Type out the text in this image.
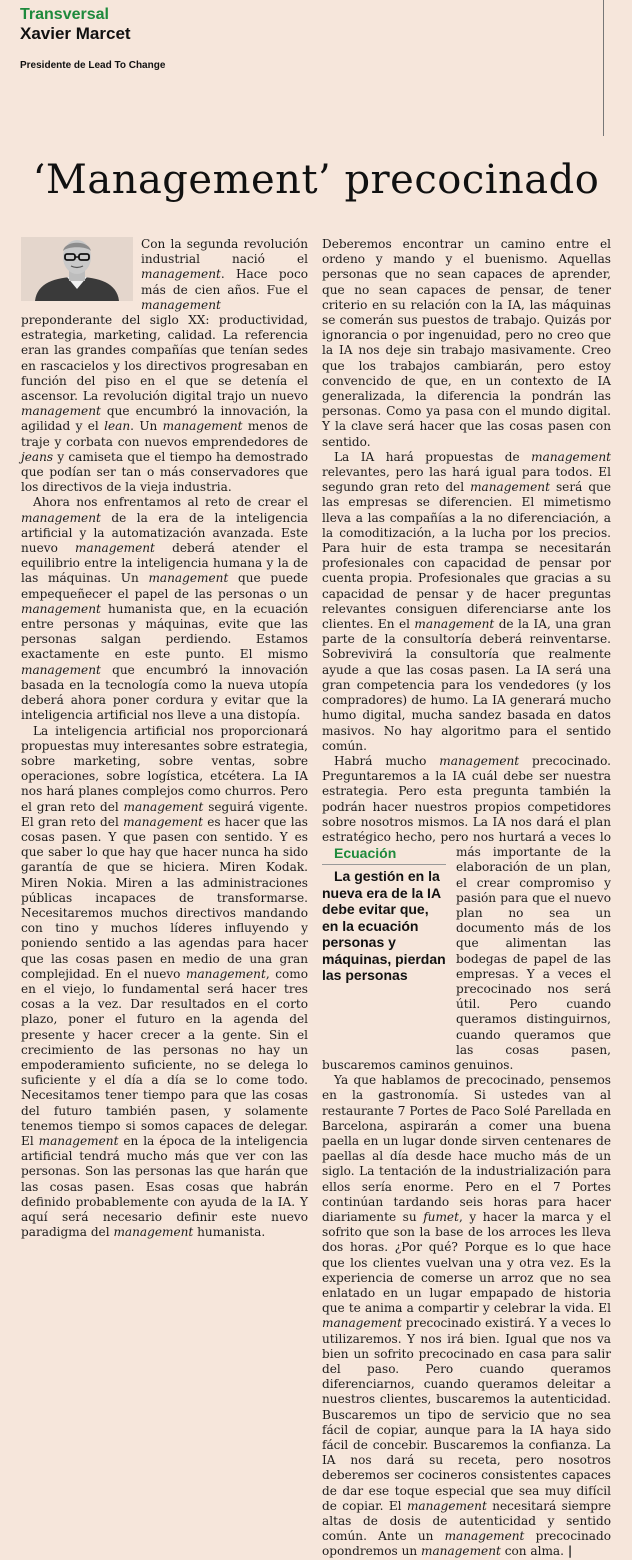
Transversal
Xavier Marcet
Presidente de Lead To Change
‘Management’ precocinado

Con la segunda revolución industrial nació el management. Hace poco más de cien años. Fue el management preponderante del siglo XX: productividad, estrategia, marketing, calidad. La referencia eran las grandes compañías que tenían sedes en rascacielos y los directivos progresaban en función del piso en el que se detenía el ascensor. La revolución digital trajo un nuevo management que encumbró la innovación, la agilidad y el lean. Un management menos de traje y corbata con nuevos emprendedores de jeans y camiseta que el tiempo ha demostrado que podían ser tan o más conservadores que los directivos de la vieja industria.

Ahora nos enfrentamos al reto de crear el management de la era de la inteligencia artificial y la automatización avanzada. Este nuevo management deberá atender el equilibrio entre la inteligencia humana y la de las máquinas. Un management que puede empequeñecer el papel de las personas o un management humanista que, en la ecuación entre personas y máquinas, evite que las personas salgan perdiendo. Estamos exactamente en este punto. El mismo management que encumbró la innovación basada en la tecnología como la nueva utopía deberá ahora poner cordura y evitar que la inteligencia artificial nos lleve a una distopía.

La inteligencia artificial nos proporcionará propuestas muy interesantes sobre estrategia, sobre marketing, sobre ventas, sobre operaciones, sobre logística, etcétera. La IA nos hará planes complejos como churros. Pero el gran reto del management seguirá vigente. El gran reto del management es hacer que las cosas pasen. Y que pasen con sentido. Y es que saber lo que hay que hacer nunca ha sido garantía de que se hiciera. Miren Kodak. Miren Nokia. Miren a las administraciones públicas incapaces de transformarse. Necesitaremos muchos directivos mandando con tino y muchos líderes influyendo y poniendo sentido a las agendas para hacer que las cosas pasen en medio de una gran complejidad. En el nuevo management, como en el viejo, lo fundamental será hacer tres cosas a la vez. Dar resultados en el corto plazo, poner el futuro en la agenda del presente y hacer crecer a la gente. Sin el crecimiento de las personas no hay un empoderamiento suficiente, no se delega lo suficiente y el día a día se lo come todo. Necesitamos tener tiempo para que las cosas del futuro también pasen, y solamente tenemos tiempo si somos capaces de delegar. El management en la época de la inteligencia artificial tendrá mucho más que ver con las personas. Son las personas las que harán que las cosas pasen. Esas cosas que habrán definido probablemente con ayuda de la IA. Y aquí será necesario definir este nuevo paradigma del management humanista.

Deberemos encontrar un camino entre el ordeno y mando y el buenismo. Aquellas personas que no sean capaces de aprender, que no sean capaces de pensar, de tener criterio en su relación con la IA, las máquinas se comerán sus puestos de trabajo. Quizás por ignorancia o por ingenuidad, pero no creo que la IA nos deje sin trabajo masivamente. Creo que los trabajos cambiarán, pero estoy convencido de que, en un contexto de IA generalizada, la diferencia la pondrán las personas. Como ya pasa con el mundo digital. Y la clave será hacer que las cosas pasen con sentido.

La IA hará propuestas de management relevantes, pero las hará igual para todos. El segundo gran reto del management será que las empresas se diferencien. El mimetismo lleva a las compañías a la no diferenciación, a la comoditización, a la lucha por los precios. Para huir de esta trampa se necesitarán profesionales con capacidad de pensar por cuenta propia. Profesionales que gracias a su capacidad de pensar y de hacer preguntas relevantes consiguen diferenciarse ante los clientes. En el management de la IA, una gran parte de la consultoría deberá reinventarse. Sobrevivirá la consultoría que realmente ayude a que las cosas pasen. La IA será una gran competencia para los vendedores (y los compradores) de humo. La IA generará mucho humo digital, mucha sandez basada en datos masivos. No hay algoritmo para el sentido común.

Habrá mucho management precocinado. Preguntaremos a la IA cuál debe ser nuestra estrategia. Pero esta pregunta también la podrán hacer nuestros propios competidores sobre nosotros mismos. La IA nos dará el plan estratégico hecho, pero nos hurtará
Ecuación
La gestión en la nueva era de la IA debe evitar que, en la ecuación personas y máquinas, pierdan las personas
a veces lo más importante de la elaboración de un plan, el crear compromiso y pasión para que el nuevo plan no sea un documento más de los que alimentan las bodegas de papel de las empresas. Y a veces el precocinado nos será útil. Pero cuando queramos distinguirnos, cuando queramos que las cosas pasen, buscaremos caminos genuinos.

Ya que hablamos de precocinado, pensemos en la gastronomía. Si ustedes van al restaurante 7 Portes de Paco Solé Parellada en Barcelona, aspirarán a comer una buena paella en un lugar donde sirven centenares de paellas al día desde hace mucho más de un siglo. La tentación de la industrialización para ellos sería enorme. Pero en el 7 Portes continúan tardando seis horas para hacer diariamente su fumet, y hacer la marca y el sofrito que son la base de los arroces les lleva dos horas. ¿Por qué? Porque es lo que hace que los clientes vuelvan una y otra vez. Es la experiencia de comerse un arroz que no sea enlatado en un lugar empapado de historia que te anima a compartir y celebrar la vida. El management precocinado existirá. Y a veces lo utilizaremos. Y nos irá bien. Igual que nos va bien un sofrito precocinado en casa para salir del paso. Pero cuando queramos diferenciarnos, cuando queramos deleitar a nuestros clientes, buscaremos la autenticidad. Buscaremos un tipo de servicio que no sea fácil de copiar, aunque para la IA haya sido fácil de concebir. Buscaremos la confianza. La IA nos dará su receta, pero nosotros deberemos ser cocineros consistentes capaces de dar ese toque especial que sea muy difícil de copiar. El management necesitará siempre altas de dosis de autenticidad y sentido común. Ante un management precocinado opondremos un management con alma. |
